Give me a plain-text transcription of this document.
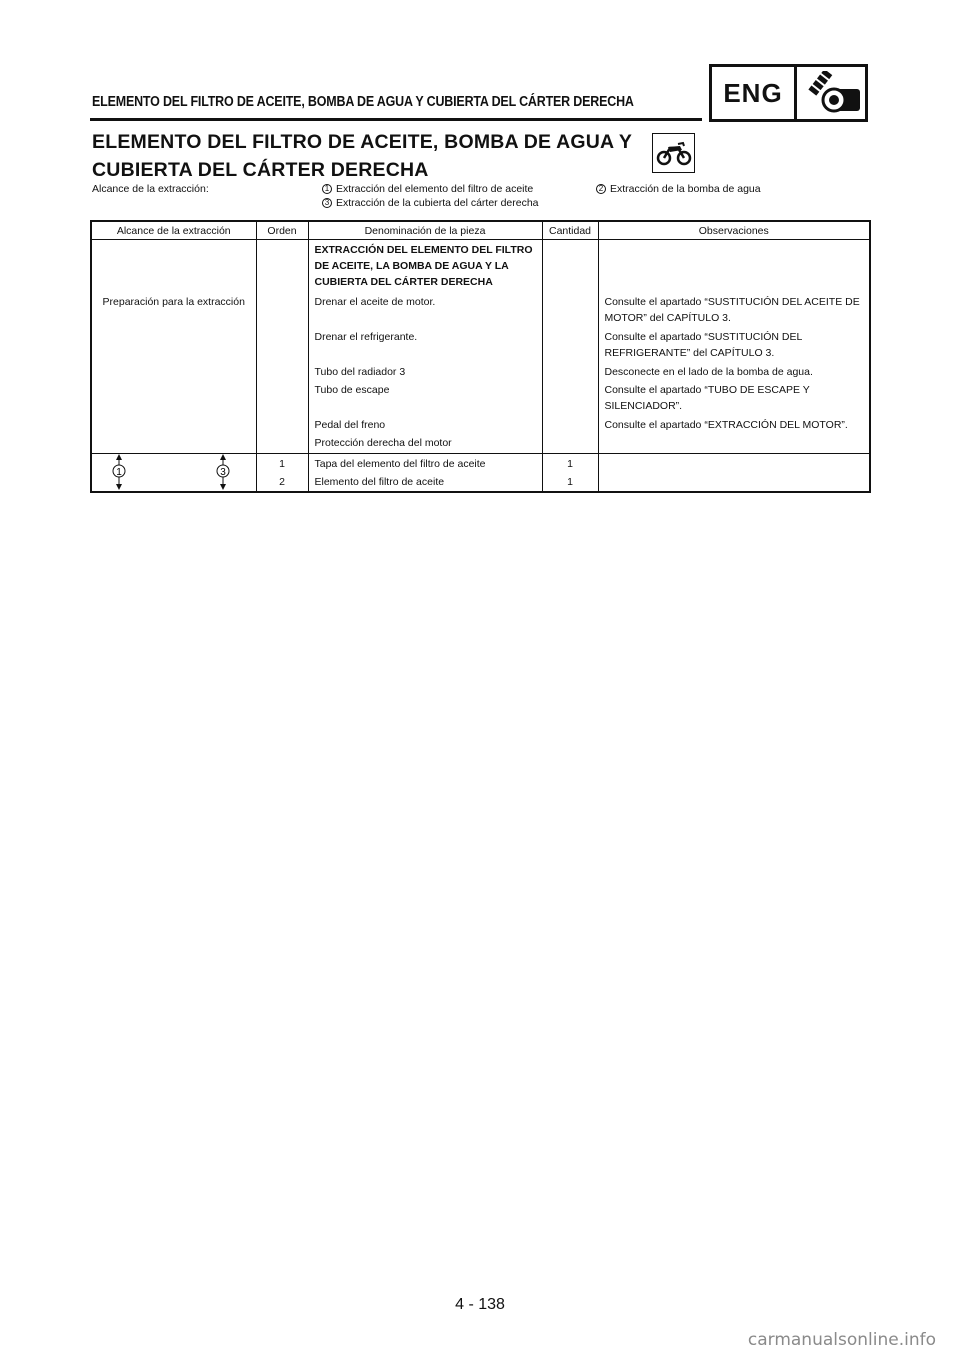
ELEMENTO DEL FILTRO DE ACEITE, BOMBA DE AGUA Y CUBIERTA DEL CÁRTER DERECHA	ENG
ELEMENTO DEL FILTRO DE ACEITE, BOMBA DE AGUA Y
CUBIERTA DEL CÁRTER DERECHA
Alcance de la extracción:	1 Extracción del elemento del filtro de aceite	2 Extracción de la bomba de agua
3 Extracción de la cubierta del cárter derecha
Alcance de la extracción	Orden	Denominación de la pieza	Cantidad	Observaciones
		EXTRACCIÓN DEL ELEMENTO DEL FILTRO DE ACEITE, LA BOMBA DE AGUA Y LA CUBIERTA DEL CÁRTER DERECHA		
Preparación para la extracción		Drenar el aceite de motor.		Consulte el apartado “SUSTITUCIÓN DEL ACEITE DE MOTOR” del CAPÍTULO 3.
		Drenar el refrigerante.		Consulte el apartado “SUSTITUCIÓN DEL REFRIGERANTE” del CAPÍTULO 3.
		Tubo del radiador 3		Desconecte en el lado de la bomba de agua.
		Tubo de escape		Consulte el apartado “TUBO DE ESCAPE Y SILENCIADOR”.
		Pedal del freno		Consulte el apartado “EXTRACCIÓN DEL MOTOR”.
		Protección derecha del motor		

1 3	1	Tapa del elemento del filtro de aceite	1	
	2	Elemento del filtro de aceite	1	
4 - 138
carmanualsonline.info
